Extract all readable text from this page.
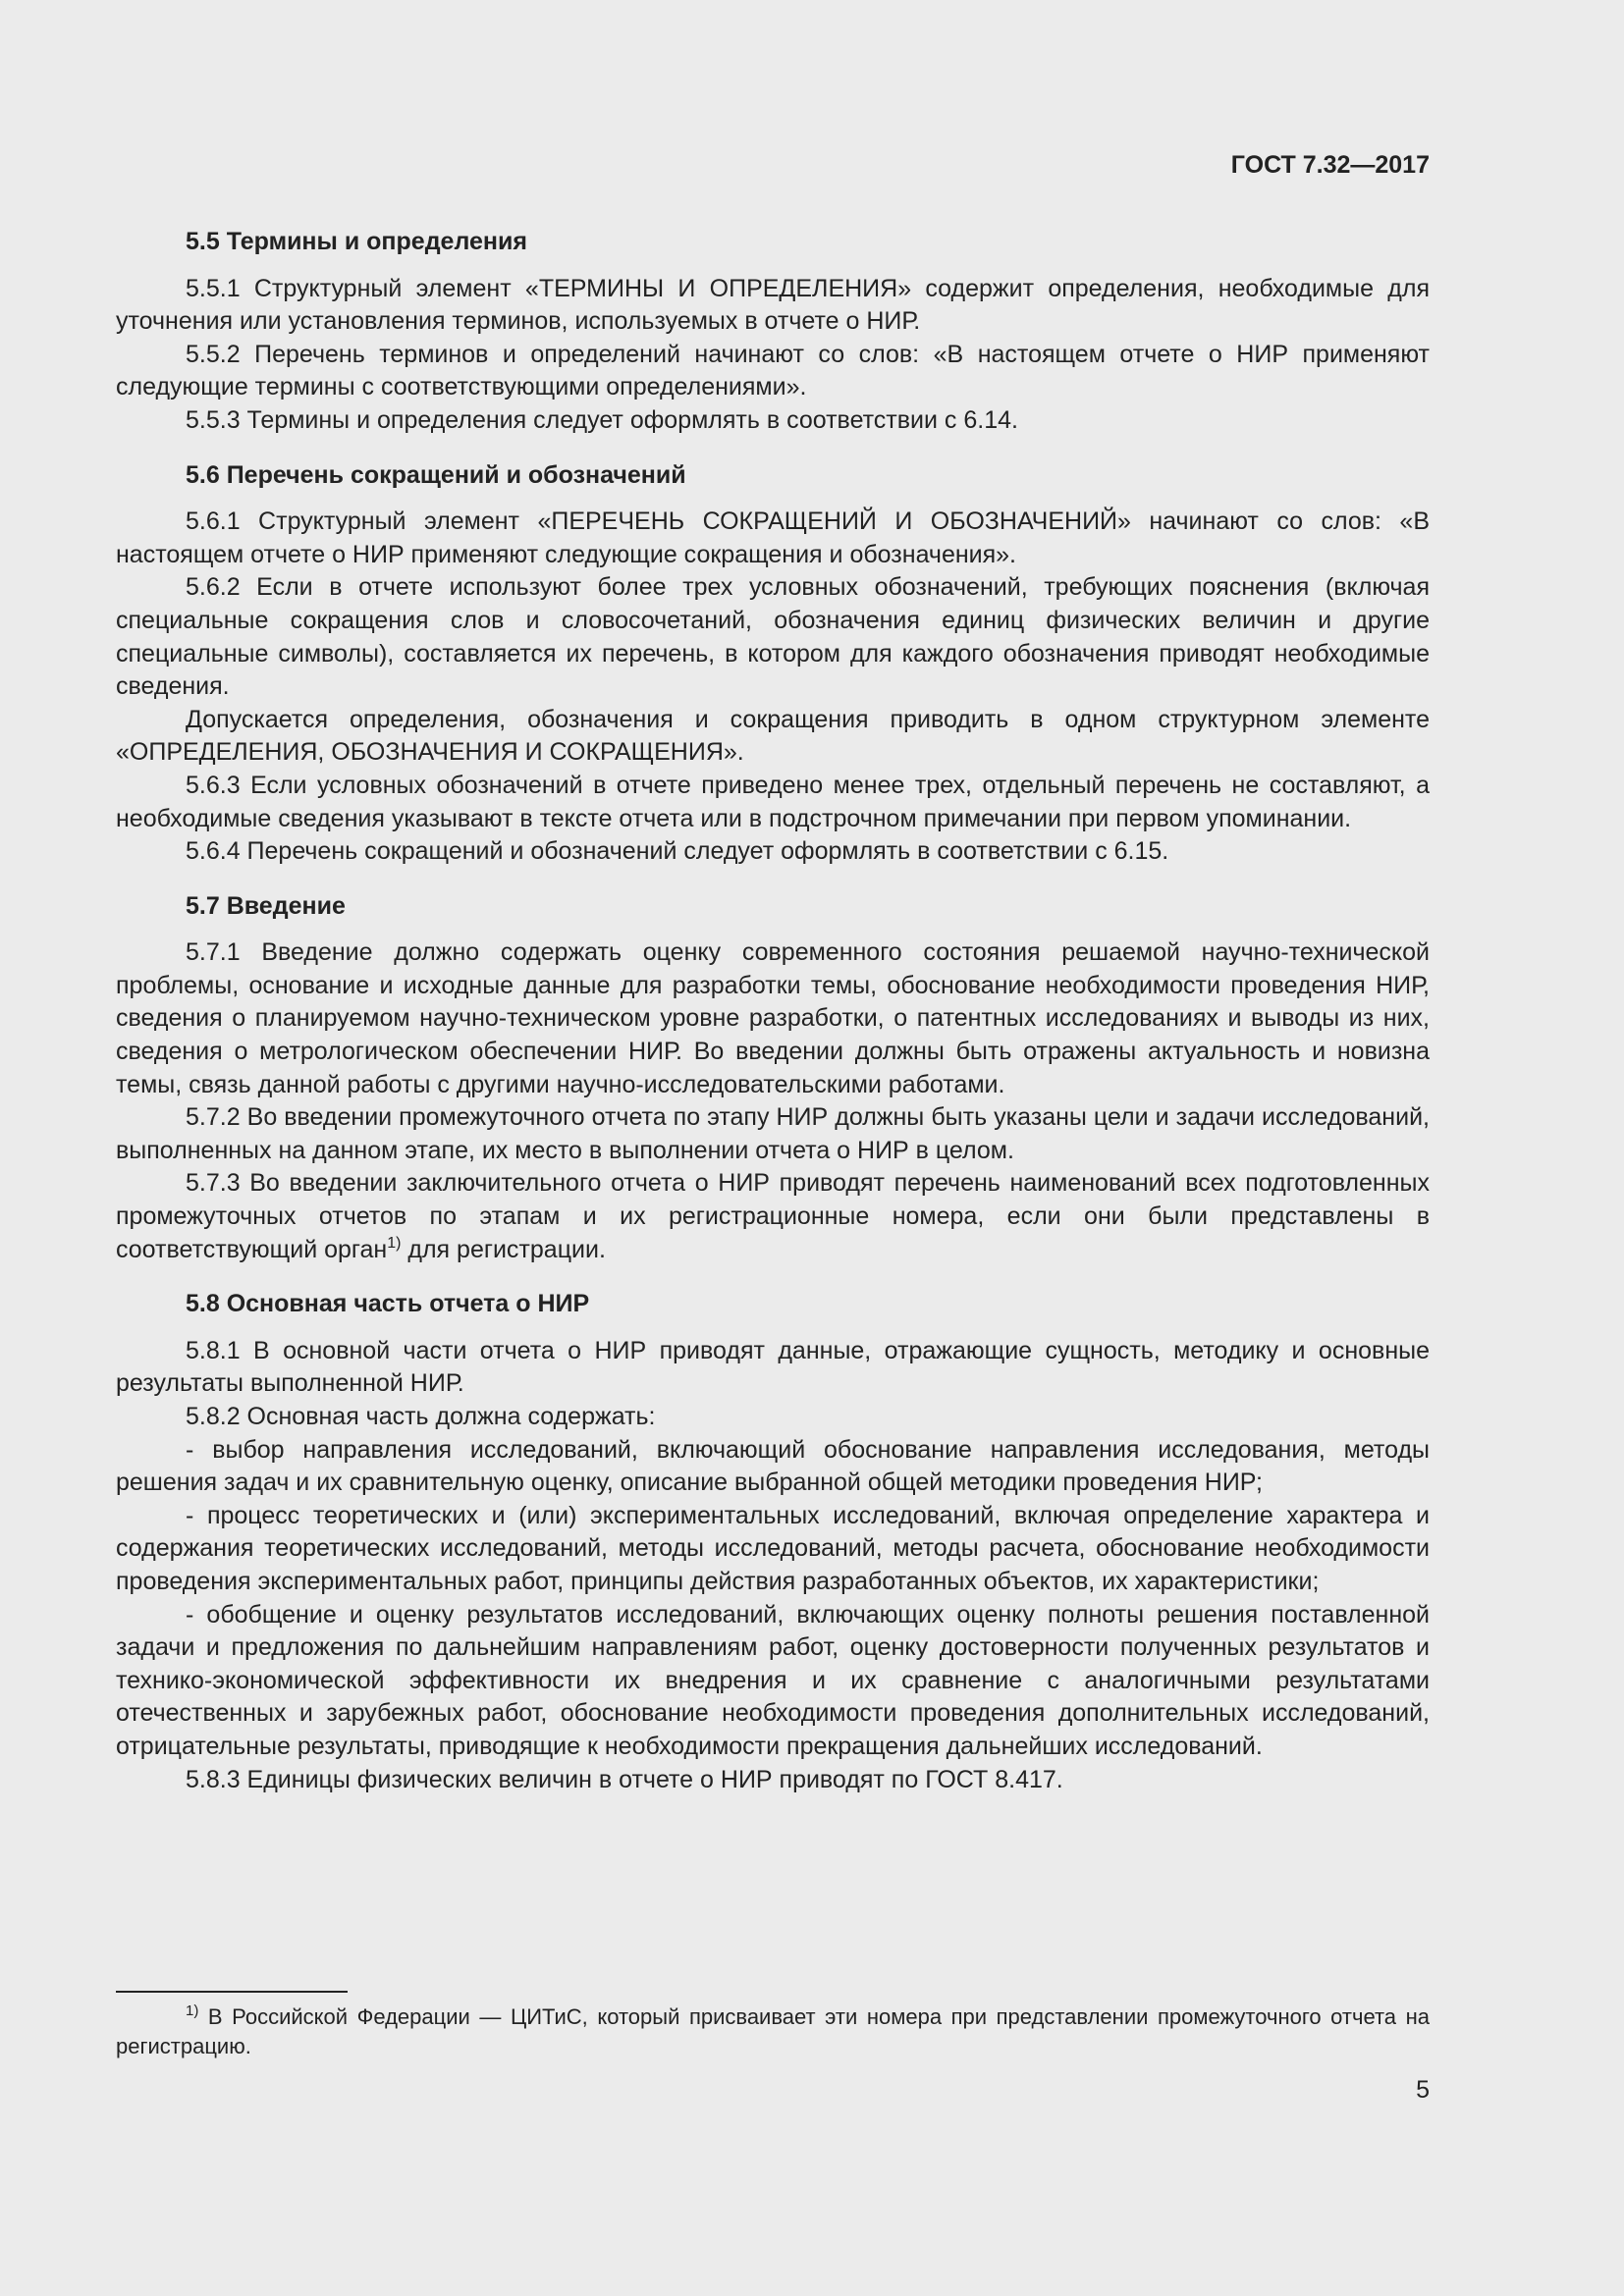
ГОСТ 7.32—2017
5.5 Термины и определения

5.5.1 Структурный элемент «ТЕРМИНЫ И ОПРЕДЕЛЕНИЯ» содержит определения, необходимые для уточнения или установления терминов, используемых в отчете о НИР.

5.5.2 Перечень терминов и определений начинают со слов: «В настоящем отчете о НИР применяют следующие термины с соответствующими определениями».

5.5.3 Термины и определения следует оформлять в соответствии с 6.14.

5.6 Перечень сокращений и обозначений

5.6.1 Структурный элемент «ПЕРЕЧЕНЬ СОКРАЩЕНИЙ И ОБОЗНАЧЕНИЙ» начинают со слов: «В настоящем отчете о НИР применяют следующие сокращения и обозначения».

5.6.2 Если в отчете используют более трех условных обозначений, требующих пояснения (включая специальные сокращения слов и словосочетаний, обозначения единиц физических величин и другие специальные символы), составляется их перечень, в котором для каждого обозначения приводят необходимые сведения.

Допускается определения, обозначения и сокращения приводить в одном структурном элементе «ОПРЕДЕЛЕНИЯ, ОБОЗНАЧЕНИЯ И СОКРАЩЕНИЯ».

5.6.3 Если условных обозначений в отчете приведено менее трех, отдельный перечень не составляют, а необходимые сведения указывают в тексте отчета или в подстрочном примечании при первом упоминании.

5.6.4 Перечень сокращений и обозначений следует оформлять в соответствии с 6.15.

5.7 Введение

5.7.1 Введение должно содержать оценку современного состояния решаемой научно-технической проблемы, основание и исходные данные для разработки темы, обоснование необходимости проведения НИР, сведения о планируемом научно-техническом уровне разработки, о патентных исследованиях и выводы из них, сведения о метрологическом обеспечении НИР. Во введении должны быть отражены актуальность и новизна темы, связь данной работы с другими научно-исследовательскими работами.

5.7.2 Во введении промежуточного отчета по этапу НИР должны быть указаны цели и задачи исследований, выполненных на данном этапе, их место в выполнении отчета о НИР в целом.

5.7.3 Во введении заключительного отчета о НИР приводят перечень наименований всех подготовленных промежуточных отчетов по этапам и их регистрационные номера, если они были представлены в соответствующий орган$^{1)}$ для регистрации.

5.8 Основная часть отчета о НИР

5.8.1 В основной части отчета о НИР приводят данные, отражающие сущность, методику и основные результаты выполненной НИР.

5.8.2 Основная часть должна содержать:

- выбор направления исследований, включающий обоснование направления исследования, методы решения задач и их сравнительную оценку, описание выбранной общей методики проведения НИР;

- процесс теоретических и (или) экспериментальных исследований, включая определение характера и содержания теоретических исследований, методы исследований, методы расчета, обоснование необходимости проведения экспериментальных работ, принципы действия разработанных объектов, их характеристики;

- обобщение и оценку результатов исследований, включающих оценку полноты решения поставленной задачи и предложения по дальнейшим направлениям работ, оценку достоверности полученных результатов и технико-экономической эффективности их внедрения и их сравнение с аналогичными результатами отечественных и зарубежных работ, обоснование необходимости проведения дополнительных исследований, отрицательные результаты, приводящие к необходимости прекращения дальнейших исследований.

5.8.3 Единицы физических величин в отчете о НИР приводят по ГОСТ 8.417.

$^{1)}$ В Российской Федерации — ЦИТиС, который присваивает эти номера при представлении промежуточного отчета на регистрацию.

5
